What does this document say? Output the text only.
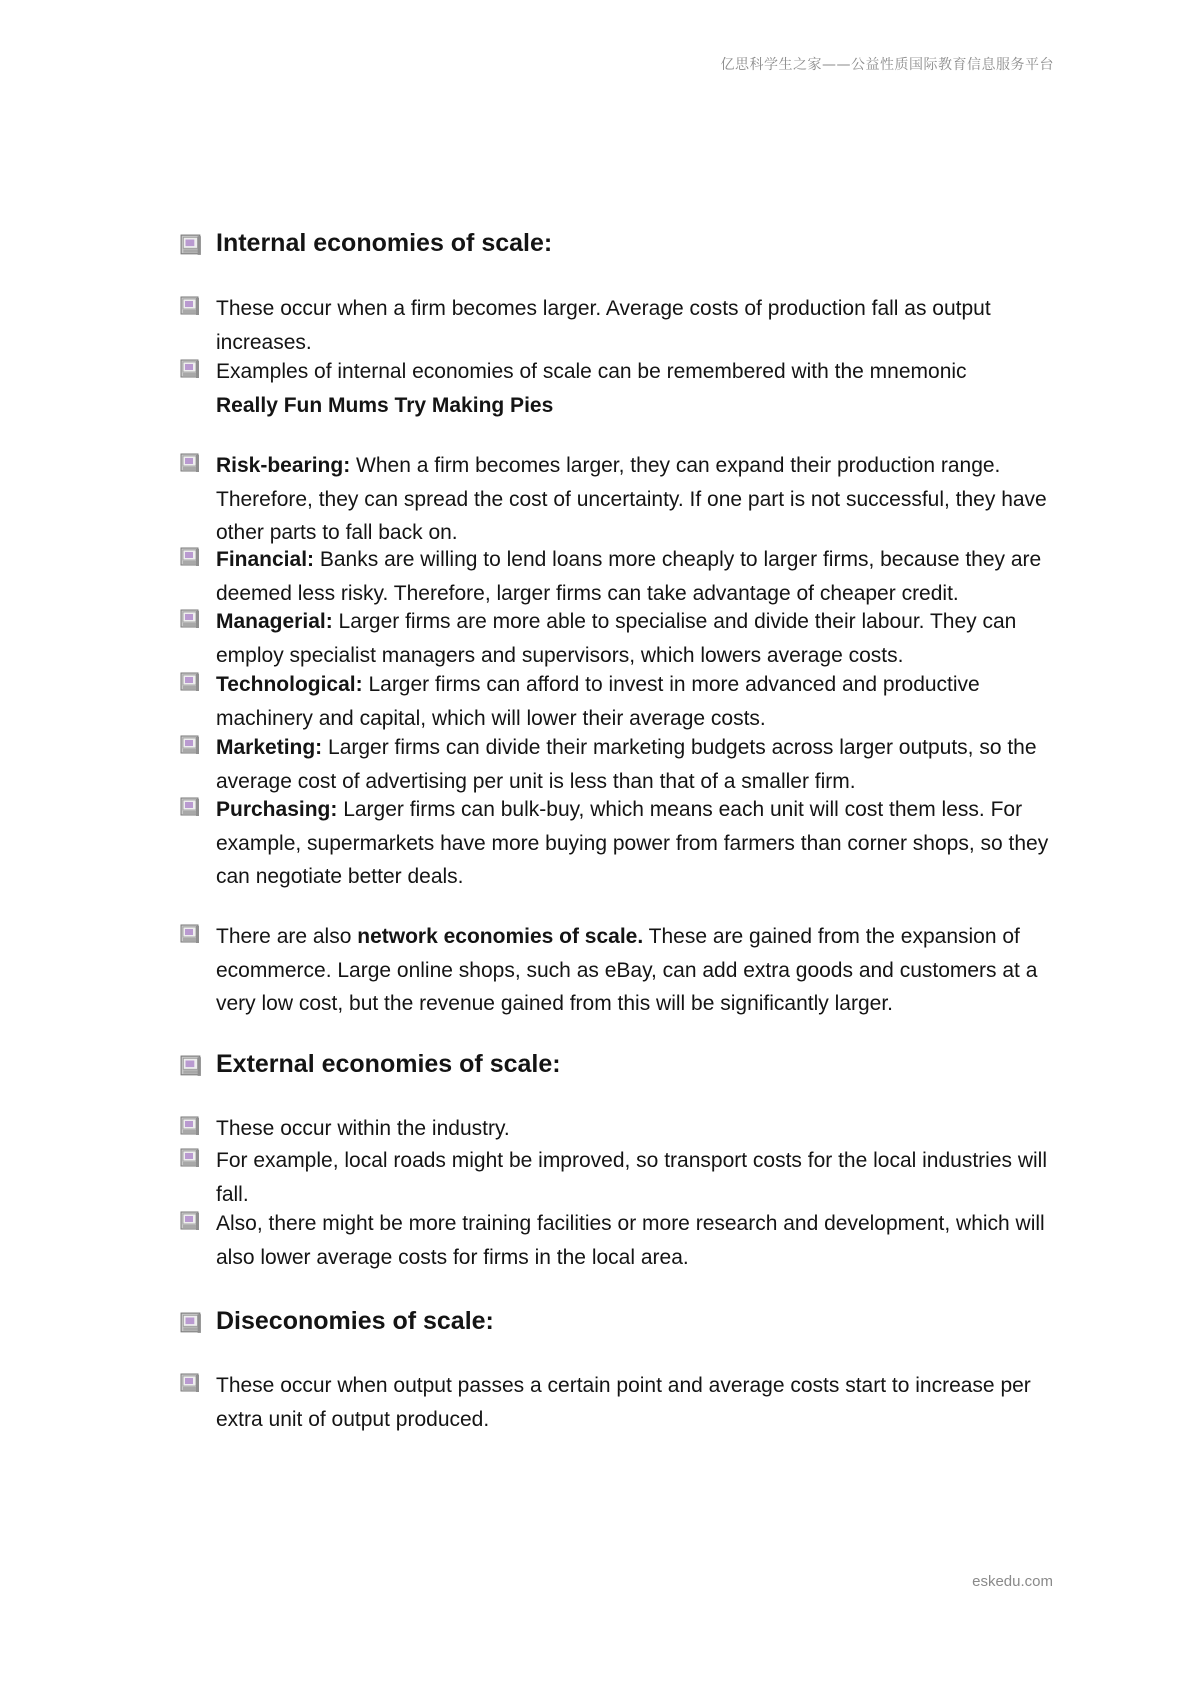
亿思科学生之家——公益性质国际教育信息服务平台
Internal economies of scale:
These occur when a firm becomes larger. Average costs of production fall as output increases.
Examples of internal economies of scale can be remembered with the mnemonic
Really Fun Mums Try Making Pies
Risk-bearing: When a firm becomes larger, they can expand their production range. Therefore, they can spread the cost of uncertainty. If one part is not successful, they have other parts to fall back on.
Financial: Banks are willing to lend loans more cheaply to larger firms, because they are deemed less risky. Therefore, larger firms can take advantage of cheaper credit.
Managerial: Larger firms are more able to specialise and divide their labour. They can employ specialist managers and supervisors, which lowers average costs.
Technological: Larger firms can afford to invest in more advanced and productive machinery and capital, which will lower their average costs.
Marketing: Larger firms can divide their marketing budgets across larger outputs, so the average cost of advertising per unit is less than that of a smaller firm.
Purchasing: Larger firms can bulk-buy, which means each unit will cost them less. For example, supermarkets have more buying power from farmers than corner shops, so they can negotiate better deals.
There are also network economies of scale. These are gained from the expansion of ecommerce. Large online shops, such as eBay, can add extra goods and customers at a very low cost, but the revenue gained from this will be significantly larger.
External economies of scale:
These occur within the industry.
For example, local roads might be improved, so transport costs for the local industries will fall.
Also, there might be more training facilities or more research and development, which will also lower average costs for firms in the local area.
Diseconomies of scale:
These occur when output passes a certain point and average costs start to increase per extra unit of output produced.
eskedu.com
